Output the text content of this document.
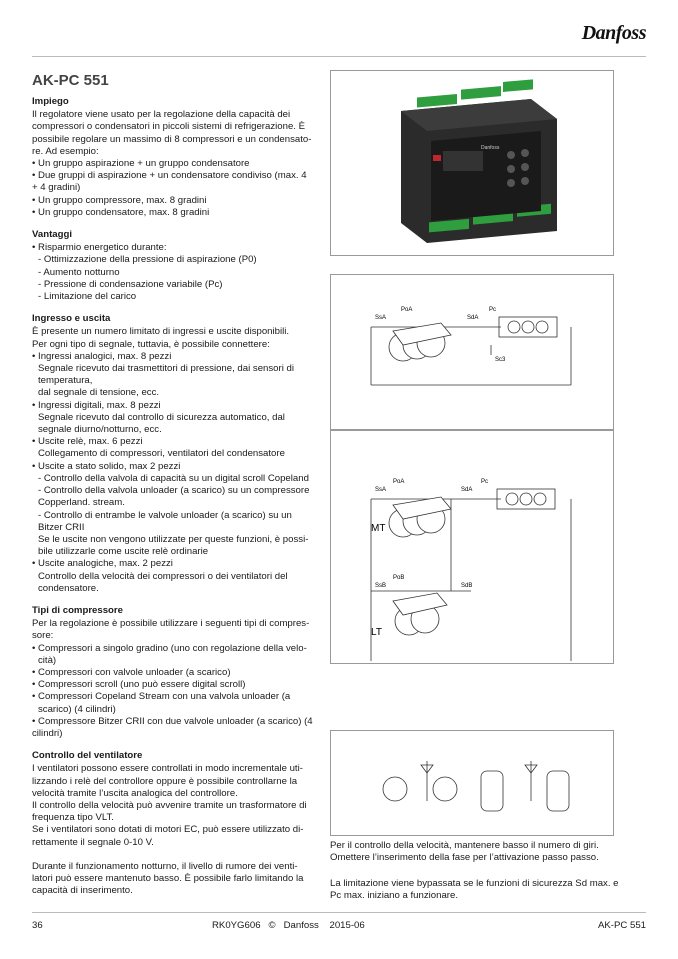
Danfoss
AK-PC 551
Impiego

Il regolatore viene usato per la regolazione della capacità dei

compressori o condensatori in piccoli sistemi di refrigerazione. È

possibile regolare un massimo di 8 compressori e un condensato-

re. Ad esempio:

• Un gruppo aspirazione + un gruppo condensatore

• Due gruppi di aspirazione + un condensatore condiviso (max. 4

+ 4 gradini)

• Un gruppo compressore, max. 8 gradini

• Un gruppo condensatore, max. 8 gradini

Vantaggi

• Risparmio energetico durante:

- Ottimizzazione della pressione di aspirazione (P0)

- Aumento notturno

- Pressione di condensazione variabile (Pc)

- Limitazione del carico

Ingresso e uscita

È presente un numero limitato di ingressi e uscite disponibili.

Per ogni tipo di segnale, tuttavia, è possibile connettere:

• Ingressi analogici, max. 8 pezzi

Segnale ricevuto dai trasmettitori di pressione, dai sensori di

temperatura,

dal segnale di tensione, ecc.

• Ingressi digitali, max. 8 pezzi

Segnale ricevuto dal controllo di sicurezza automatico, dal

segnale diurno/notturno, ecc.

• Uscite relè, max. 6 pezzi

Collegamento di compressori, ventilatori del condensatore

• Uscite a stato solido, max 2 pezzi

- Controllo della valvola di capacità su un digital scroll Copeland

- Controllo della valvola unloader (a scarico) su un compressore

Copperland. stream.

- Controllo di entrambe le valvole unloader (a scarico) su un

Bitzer CRII

Se le uscite non vengono utilizzate per queste funzioni, è possi-

bile utilizzarle come uscite relè ordinarie

• Uscite analogiche, max. 2 pezzi

Controllo della velocità dei compressori o dei ventilatori del

condensatore.

Tipi di compressore

Per la regolazione è possibile utilizzare i seguenti tipi di compres-

sore:

• Compressori a singolo gradino (uno con regolazione della velo-

cità)

• Compressori con valvole unloader (a scarico)

• Compressori scroll (uno può essere digital scroll)

• Compressori Copeland Stream con una valvola unloader (a

scarico) (4 cilindri)

• Compressore Bitzer CRII con due valvole unloader (a scarico) (4

cilindri)

Controllo del ventilatore

I ventilatori possono essere controllati in modo incrementale uti-

lizzando i relè del controllore oppure è possibile controllarne la

velocità tramite l’uscita analogica del controllore.

Il controllo della velocità può avvenire tramite un trasformatore di

frequenza tipo VLT.

Se i ventilatori sono dotati di motori EC, può essere utilizzato di-

rettamente il segnale 0-10 V.

Durante il funzionamento notturno, il livello di rumore dei venti-

latori può essere mantenuto basso. È possibile farlo limitando la

capacità di inserimento.

Danfoss
SsA
PoA
SdA
Pc
Sc3
SsA
PoA
SdA
Pc
MT
SsB
PoB
SdB
LT

Per il controllo della velocità, mantenere basso il numero di giri.

Omettere l’inserimento della fase per l’attivazione passo passo.

La limitazione viene bypassata se le funzioni di sicurezza Sd max. e

Pc max. iniziano a funzionare.

36	RK0YG606 © Danfoss 2015-06	AK-PC 551
